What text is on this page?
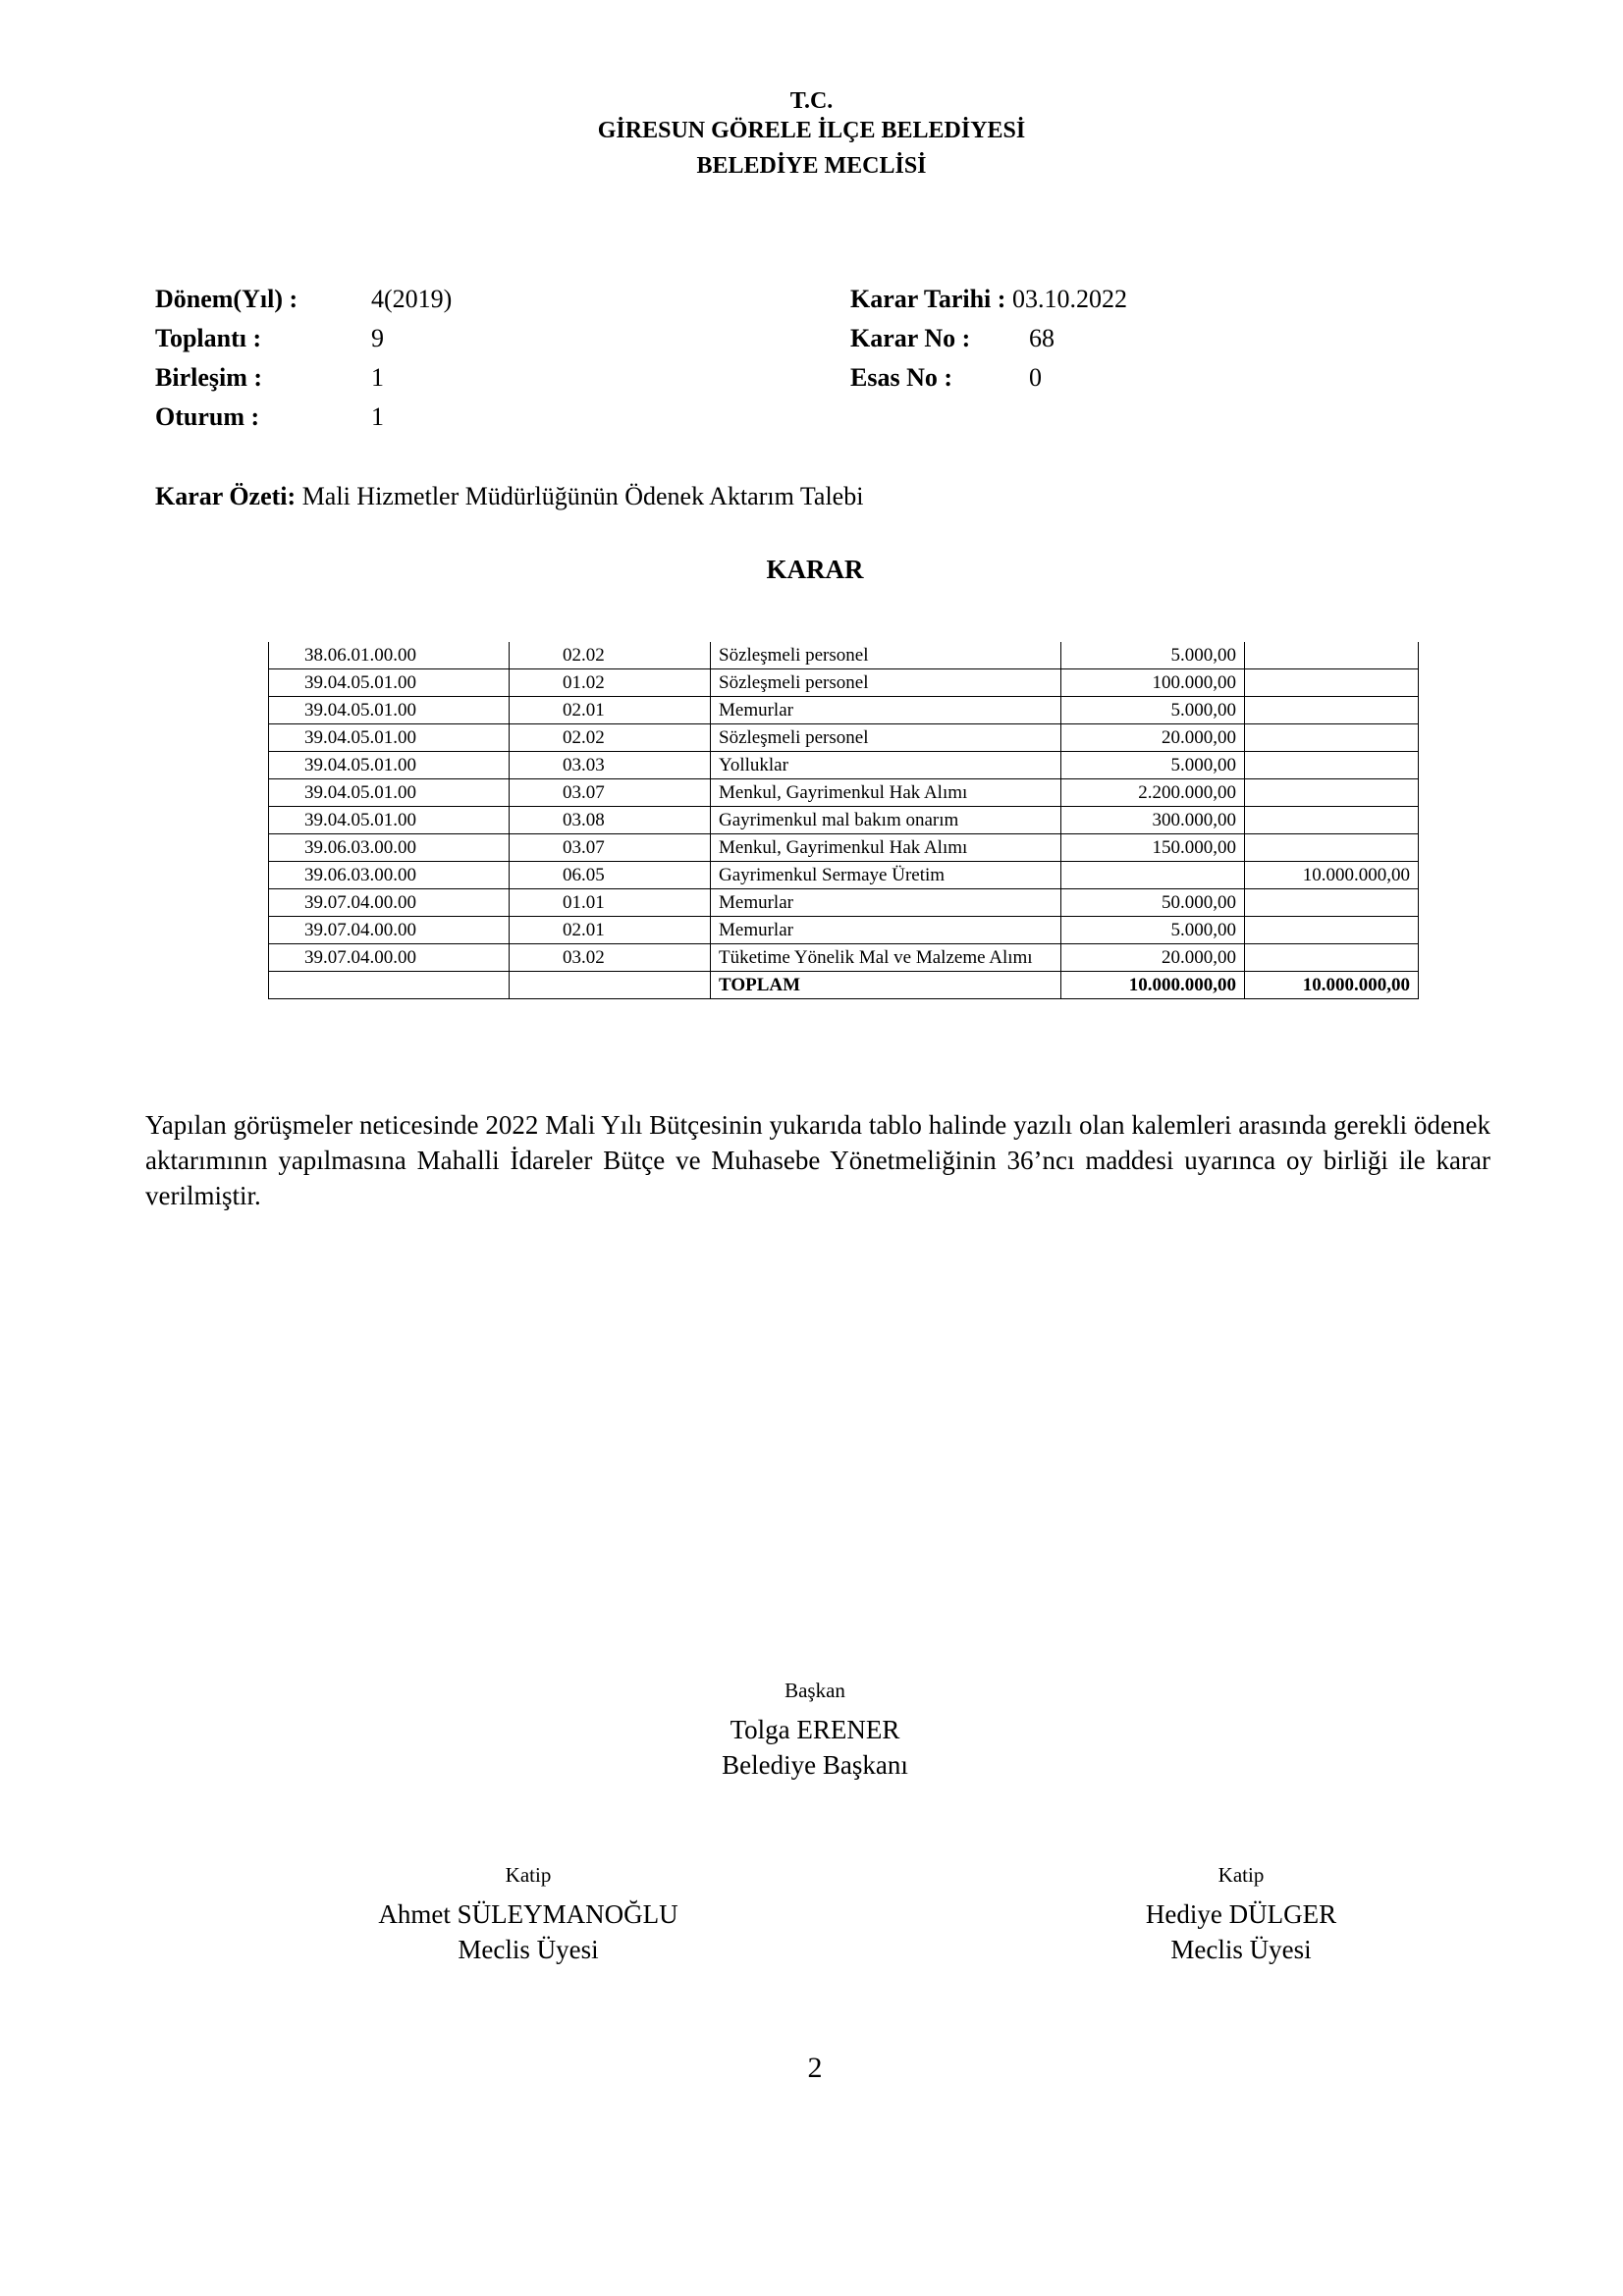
T.C.
GİRESUN GÖRELE İLÇE BELEDİYESİ
BELEDİYE MECLİSİ
Dönem(Yıl) :	4(2019)
Toplantı :	9
Birleşim :	1
Oturum :	1
Karar Tarihi : 03.10.2022
Karar No : 68
Esas No :	0
Karar Özeti: Mali Hizmetler Müdürlüğünün Ödenek Aktarım Talebi
KARAR
38.06.01.00.00	02.02	Sözleşmeli personel	5.000,00	
39.04.05.01.00	01.02	Sözleşmeli personel	100.000,00	
39.04.05.01.00	02.01	Memurlar	5.000,00	
39.04.05.01.00	02.02	Sözleşmeli personel	20.000,00	
39.04.05.01.00	03.03	Yolluklar	5.000,00	
39.04.05.01.00	03.07	Menkul, Gayrimenkul Hak Alımı	2.200.000,00	
39.04.05.01.00	03.08	Gayrimenkul mal bakım onarım	300.000,00	
39.06.03.00.00	03.07	Menkul, Gayrimenkul Hak Alımı	150.000,00	
39.06.03.00.00	06.05	Gayrimenkul Sermaye Üretim		10.000.000,00
39.07.04.00.00	01.01	Memurlar	50.000,00	
39.07.04.00.00	02.01	Memurlar	5.000,00	
39.07.04.00.00	03.02	Tüketime Yönelik Mal ve Malzeme Alımı	20.000,00	
		TOPLAM	10.000.000,00	10.000.000,00
Yapılan görüşmeler neticesinde 2022 Mali Yılı Bütçesinin yukarıda tablo halinde yazılı olan kalemleri arasında gerekli ödenek aktarımının yapılmasına Mahalli İdareler Bütçe ve Muhasebe Yönetmeliğinin 36’ncı maddesi uyarınca oy birliği ile karar verilmiştir.
Başkan
Tolga ERENER
Belediye Başkanı
Katip
Ahmet SÜLEYMANOĞLU
Meclis Üyesi
Katip
Hediye DÜLGER
Meclis Üyesi
2
